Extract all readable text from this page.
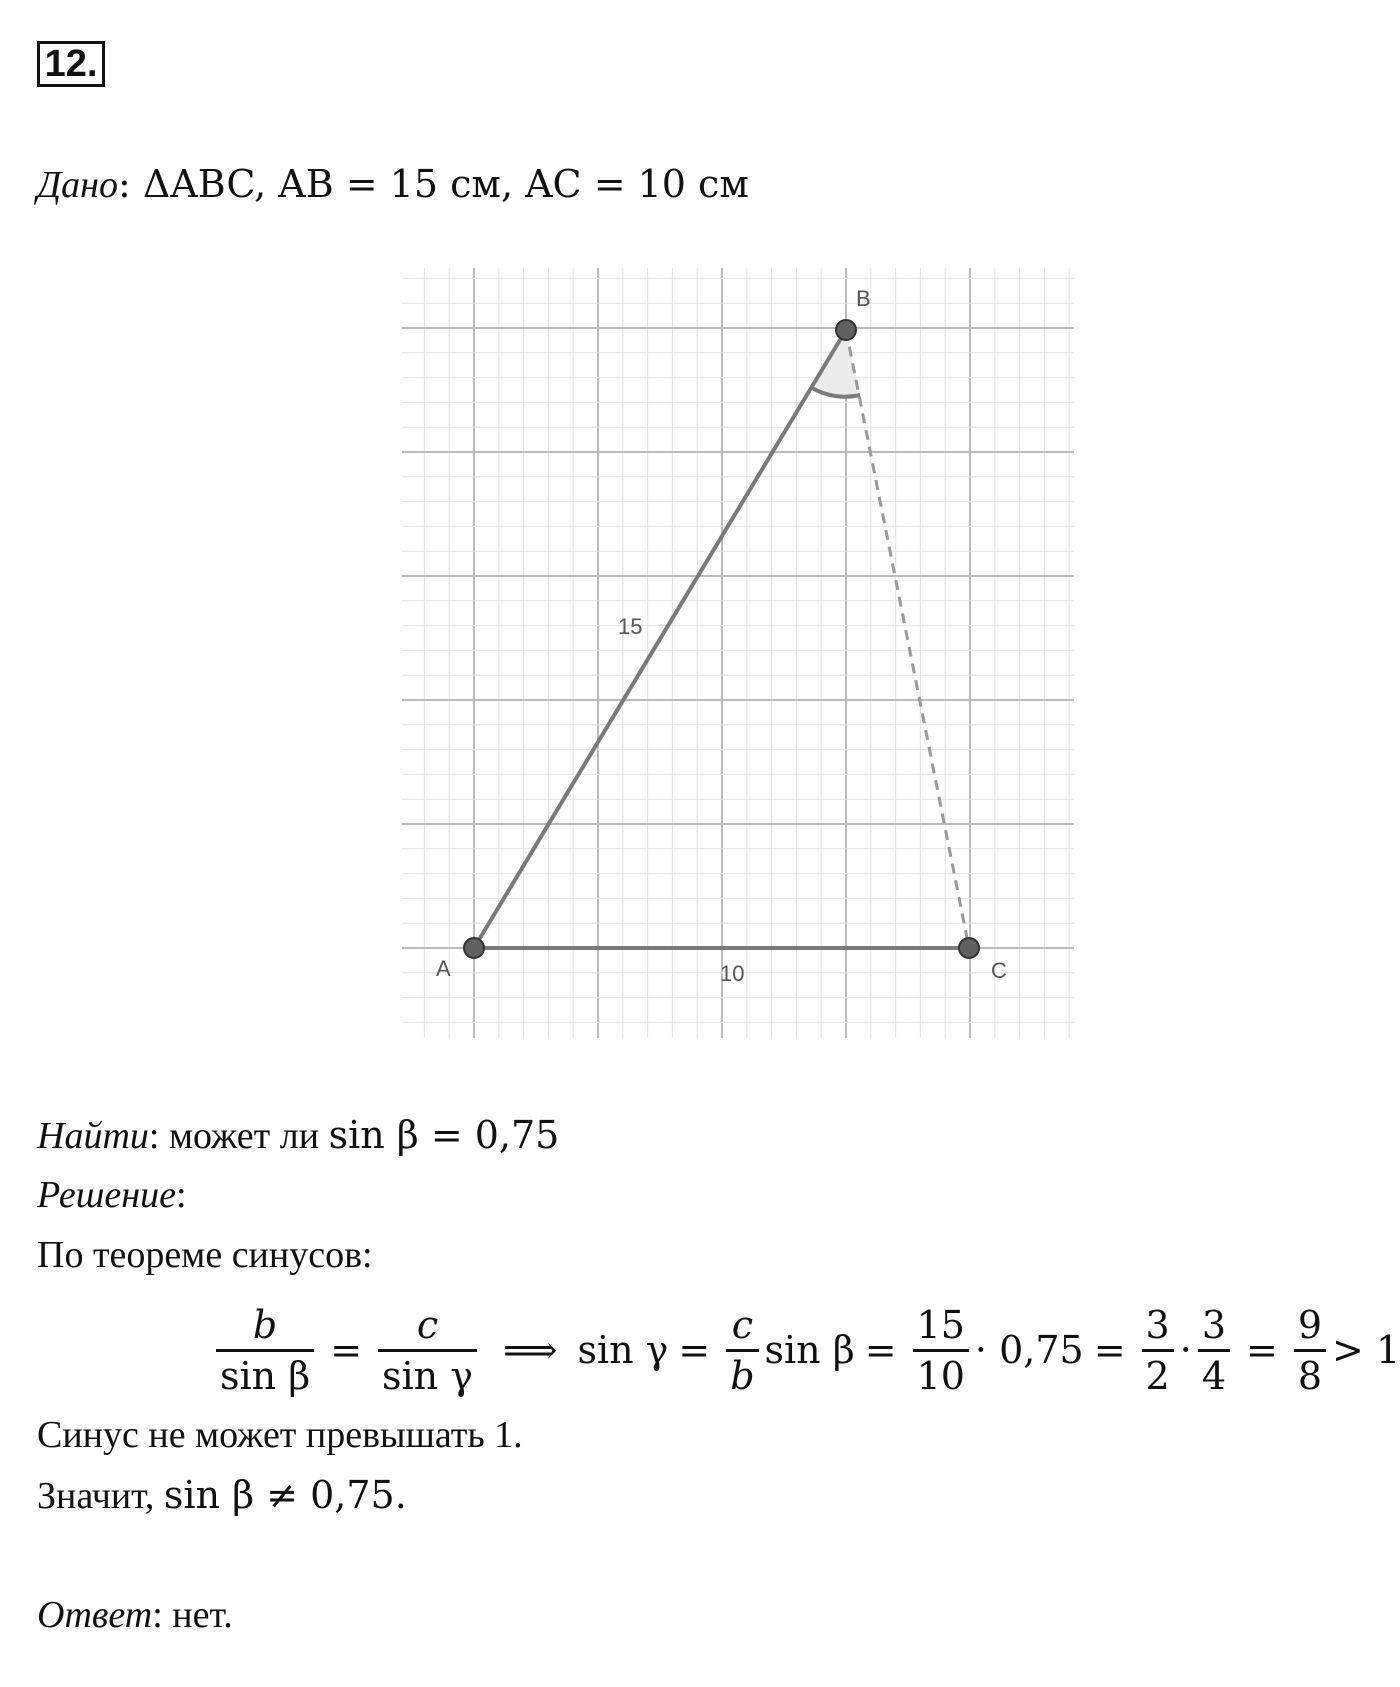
12.
Дано: ΔABC, AB = 15 см, AC = 10 см
A
B
C
15
10
Найти: может ли sin β = 0,75
Решение:
По теореме синусов:
$\frac{b}{\text{sin β}} = \frac{c}{\text{sin γ}}$ ⟹ $\sin \gamma = \frac{c}{b}$ $\sin \beta = \frac{15}{10} \cdot 0,75 = \frac{3}{2} \cdot \frac{3}{4} = \frac{9}{8} > 1$
Синус не может превышать 1.
Значит, sin β ≠ 0,75.
Ответ: нет.
